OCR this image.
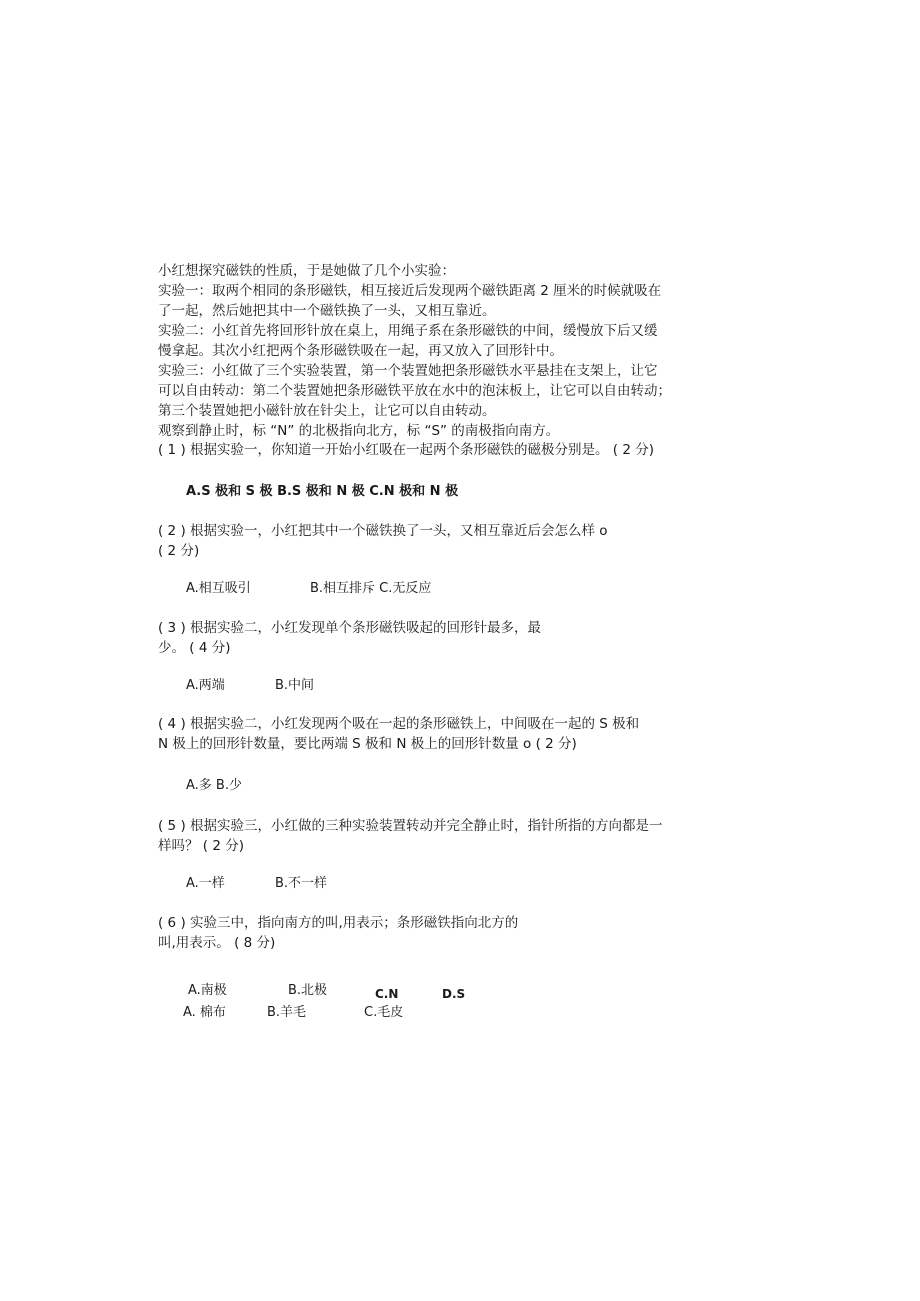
小红想探究磁铁的性质，于是她做了几个小实验：
实验一：取两个相同的条形磁铁，相互接近后发现两个磁铁距离 2 厘米的时候就吸在
了一起，然后她把其中一个磁铁换了一头，又相互靠近。
实验二：小红首先将回形针放在桌上，用绳子系在条形磁铁的中间，缓慢放下后又缓
慢拿起。其次小红把两个条形磁铁吸在一起，再又放入了回形针中。
实验三：小红做了三个实验装置，第一个装置她把条形磁铁水平悬挂在支架上，让它
可以自由转动：第二个装置她把条形磁铁平放在水中的泡沫板上，让它可以自由转动；
第三个装置她把小磁针放在针尖上，让它可以自由转动。
观察到静止时，标 “N” 的北极指向北方，标 “S” 的南极指向南方。
( 1 ) 根据实验一，你知道一开始小红吸在一起两个条形磁铁的磁极分别是。 ( 2 分)
A.S 极和 S 极 B.S 极和 N 极 C.N 极和 N 极
( 2 ) 根据实验一，小红把其中一个磁铁换了一头，又相互靠近后会怎么样 o
( 2 分)
A.相互吸引	B.相互排斥 C.无反应
( 3 ) 根据实验二，小红发现单个条形磁铁吸起的回形针最多，最
少。 ( 4 分)
A.两端	B.中间
( 4 ) 根据实验二，小红发现两个吸在一起的条形磁铁上，中间吸在一起的 S 极和
N 极上的回形针数量，要比两端 S 极和 N 极上的回形针数量 o ( 2 分)
A.多 B.少
( 5 ) 根据实验三，小红做的三种实验装置转动并完全静止时，指针所指的方向都是一
样吗？ ( 2 分)
A.一样	B.不一样
( 6 ) 实验三中，指向南方的叫,用表示；条形磁铁指向北方的
叫,用表示。 ( 8 分)
A.南极	B.北极	C.N	D.S
A. 棉布	B.羊毛	C.毛皮
